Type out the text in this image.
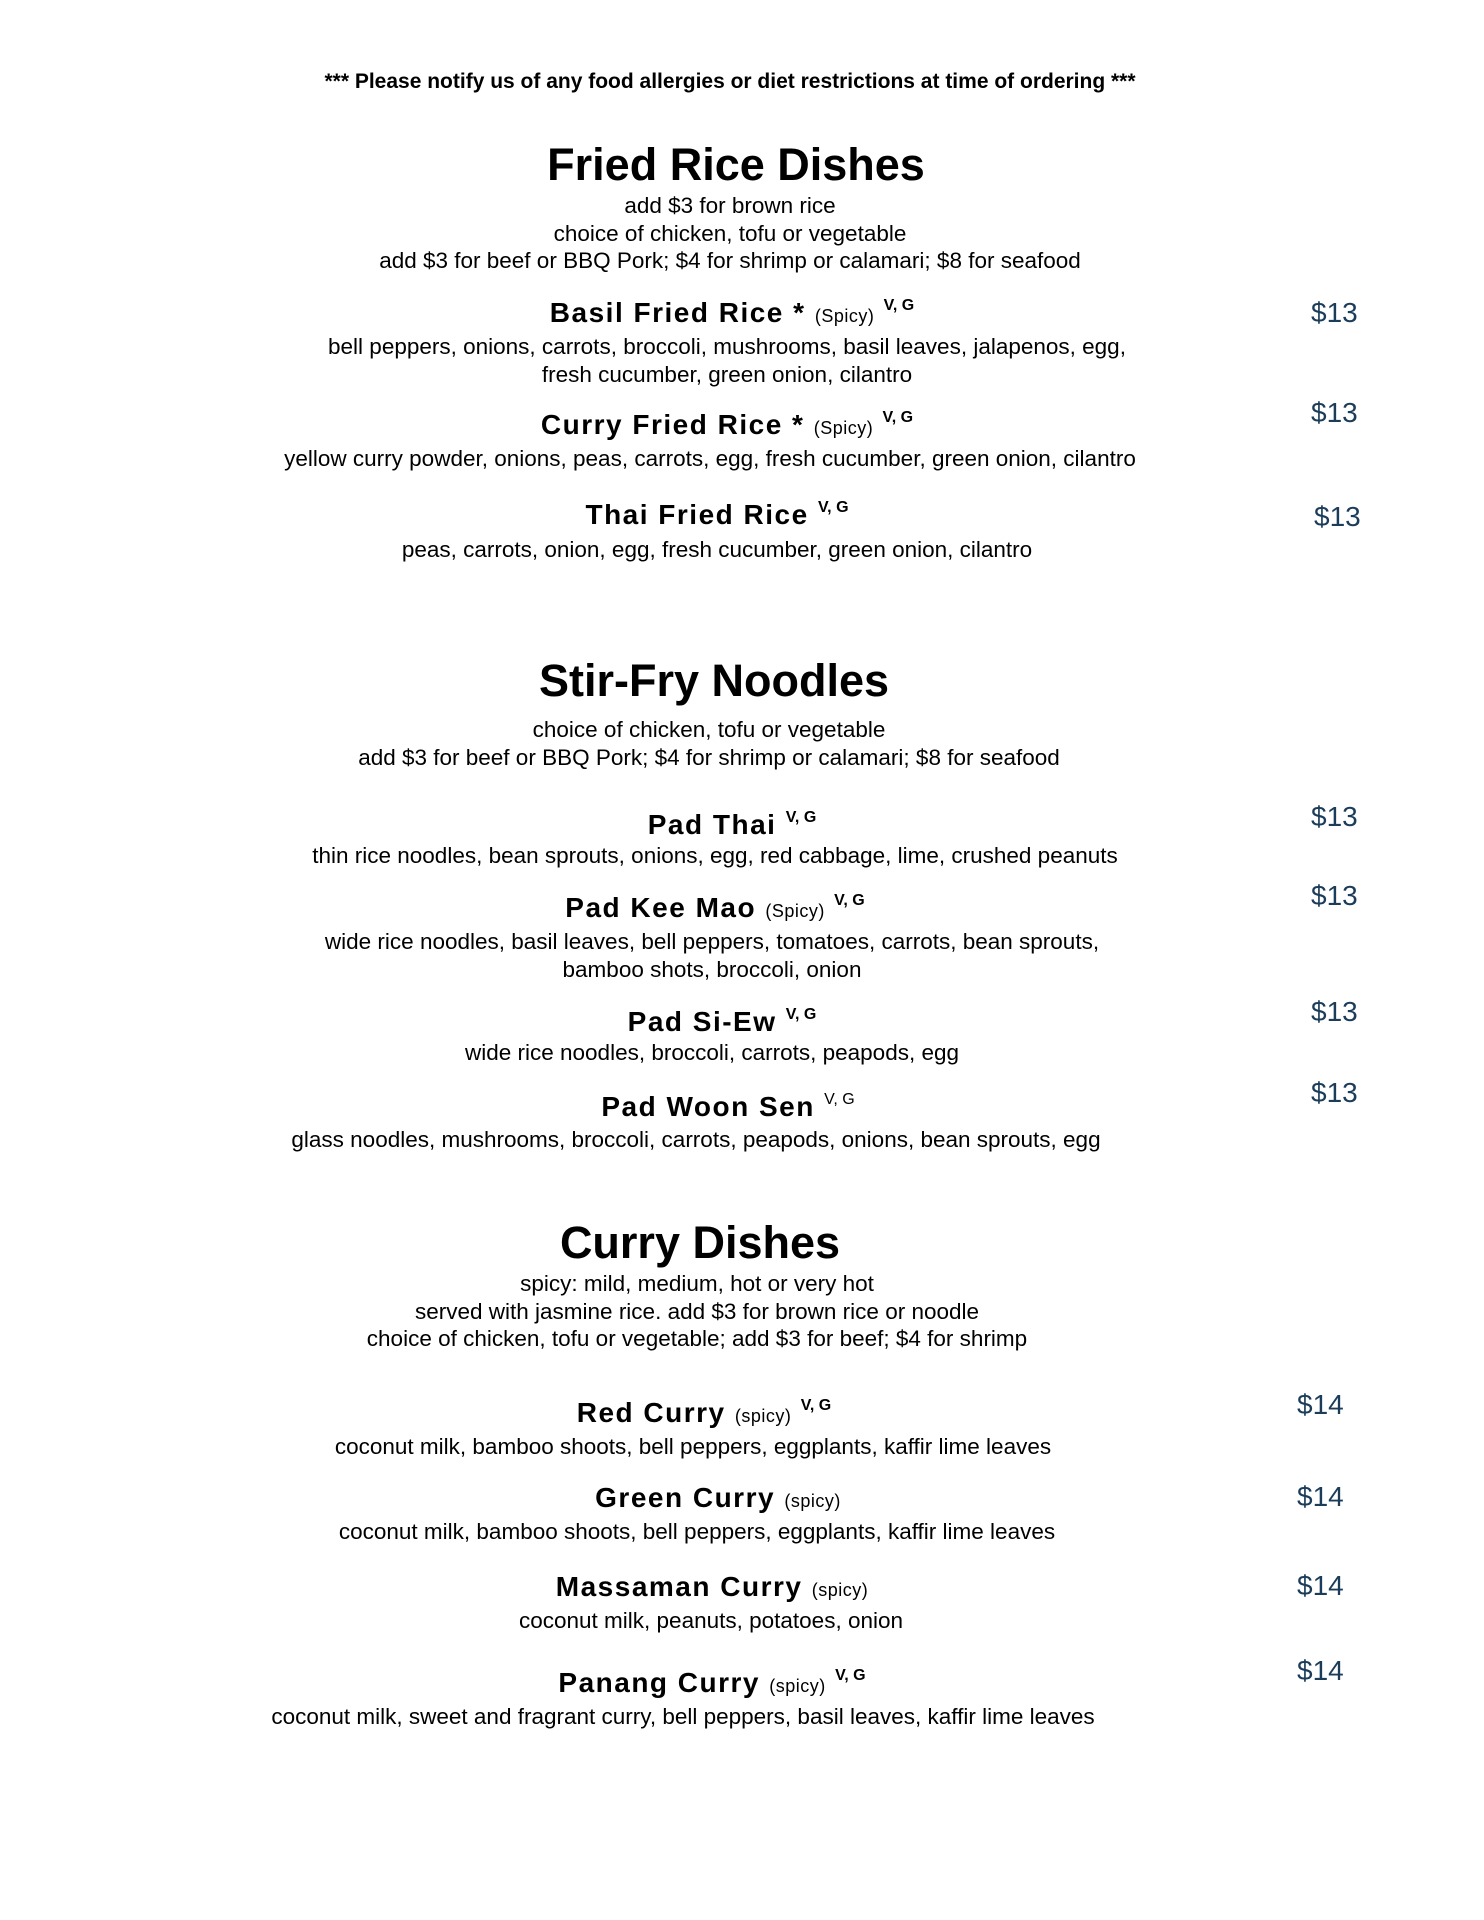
*** Please notify us of any food allergies or diet restrictions at time of ordering ***
Fried Rice Dishes
add $3 for brown rice
choice of chicken, tofu or vegetable
add $3 for beef or BBQ Pork; $4 for shrimp or calamari; $8 for seafood
Basil Fried Rice * (Spicy) $^{V, G}$
bell peppers, onions, carrots, broccoli, mushrooms, basil leaves, jalapenos, egg,
fresh cucumber, green onion, cilantro
$13
Curry Fried Rice * (Spicy) $^{V, G}$
yellow curry powder, onions, peas, carrots, egg, fresh cucumber, green onion, cilantro
$13
Thai Fried Rice $^{V, G}$
peas, carrots, onion, egg, fresh cucumber, green onion, cilantro
$13
Stir-Fry Noodles
choice of chicken, tofu or vegetable
add $3 for beef or BBQ Pork; $4 for shrimp or calamari; $8 for seafood
Pad Thai $^{V, G}$
thin rice noodles, bean sprouts, onions, egg, red cabbage, lime, crushed peanuts
$13
Pad Kee Mao (Spicy) $^{V, G}$
wide rice noodles, basil leaves, bell peppers, tomatoes, carrots, bean sprouts,
bamboo shots, broccoli, onion
$13
Pad Si-Ew $^{V, G}$
wide rice noodles, broccoli, carrots, peapods, egg
$13
Pad Woon Sen $^{V, G}$
glass noodles, mushrooms, broccoli, carrots, peapods, onions, bean sprouts, egg
$13
Curry Dishes
spicy: mild, medium, hot or very hot
served with jasmine rice. add $3 for brown rice or noodle
choice of chicken, tofu or vegetable; add $3 for beef; $4 for shrimp
Red Curry (spicy) $^{V, G}$
coconut milk, bamboo shoots, bell peppers, eggplants, kaffir lime leaves
$14
Green Curry (spicy)
coconut milk, bamboo shoots, bell peppers, eggplants, kaffir lime leaves
$14
Massaman Curry (spicy)
coconut milk, peanuts, potatoes, onion
$14
Panang Curry (spicy) $^{V, G}$
coconut milk, sweet and fragrant curry, bell peppers, basil leaves, kaffir lime leaves
$14
